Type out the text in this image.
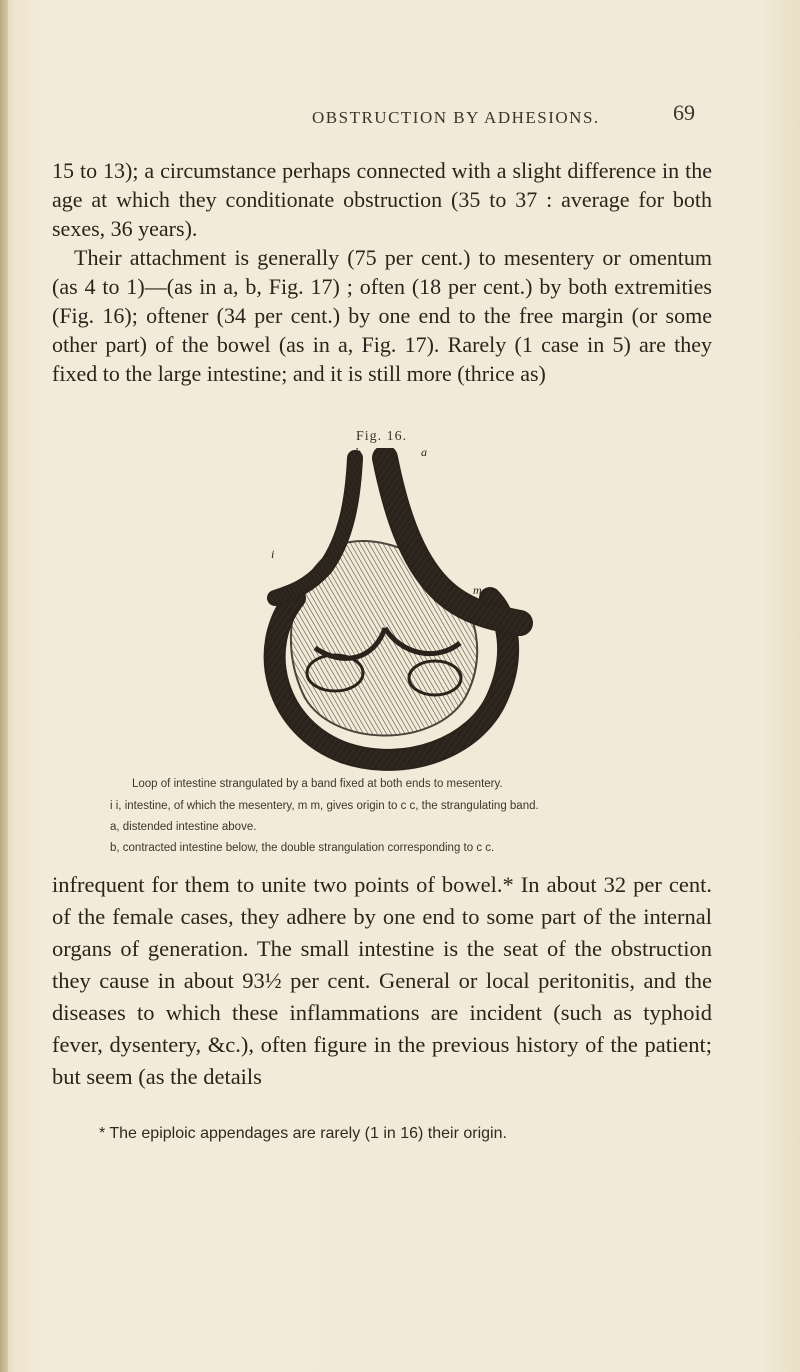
OBSTRUCTION BY ADHESIONS.	69

15 to 13); a circumstance perhaps connected with a slight difference in the age at which they conditionate obstruction (35 to 37 : average for both sexes, 36 years).

Their attachment is generally (75 per cent.) to mesentery or omentum (as 4 to 1)—(as in a, b, Fig. 17) ; often (18 per cent.) by both extremities (Fig. 16); oftener (34 per cent.) by one end to the free margin (or some other part) of the bowel (as in a, Fig. 17). Rarely (1 case in 5) are they fixed to the large intestine; and it is still more (thrice as)

Fig. 16.
b	a
i
m
i
Loop of intestine strangulated by a band fixed at both ends to mesentery.
i i, intestine, of which the mesentery, m m, gives origin to c c, the strangulating band.
a, distended intestine above.
b, contracted intestine below, the double strangulation corresponding to c c.

infrequent for them to unite two points of bowel.* In about 32 per cent. of the female cases, they adhere by one end to some part of the internal organs of generation. The small intestine is the seat of the obstruction they cause in about 93½ per cent. General or local peritonitis, and the diseases to which these inflammations are incident (such as typhoid fever, dysentery, &c.), often figure in the previous history of the patient; but seem (as the details

* The epiploic appendages are rarely (1 in 16) their origin.
